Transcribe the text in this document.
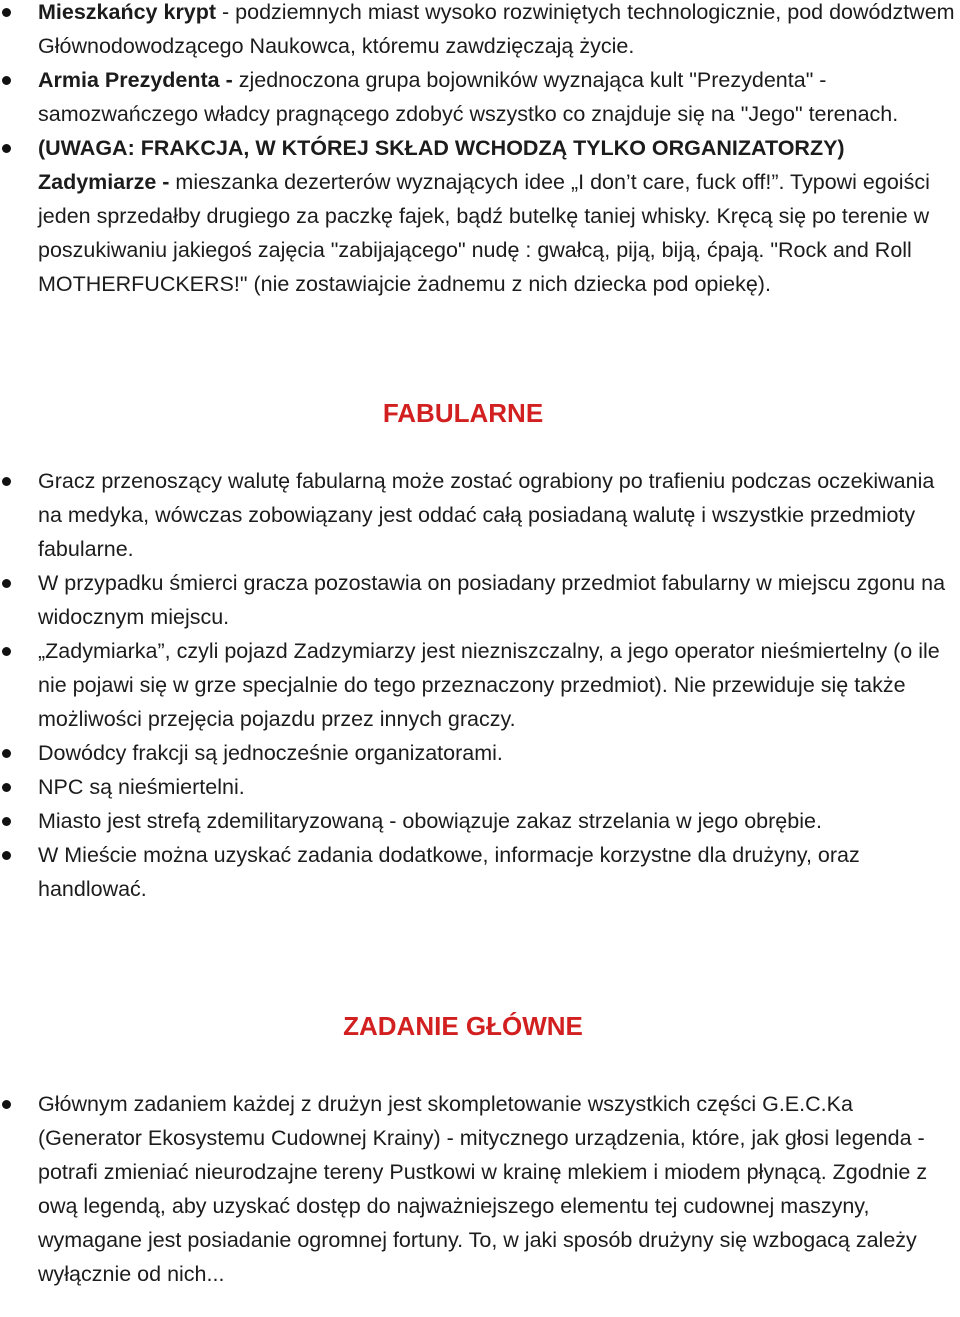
Mieszkańcy krypt - podziemnych miast wysoko rozwiniętych technologicznie, pod dowództwem Głównodowodzącego Naukowca, któremu zawdzięczają życie.
Armia Prezydenta - zjednoczona grupa bojowników wyznająca kult "Prezydenta" - samozwańczego władcy pragnącego zdobyć wszystko co znajduje się na "Jego" terenach.
(UWAGA: FRAKCJA, W KTÓREJ SKŁAD WCHODZĄ TYLKO ORGANIZATORZY)
Zadymiarze - mieszanka dezerterów wyznających idee „I don’t care, fuck off!”. Typowi egoiści jeden sprzedałby drugiego za paczkę fajek, bądź butelkę taniej whisky. Kręcą się po terenie w poszukiwaniu jakiegoś zajęcia "zabijającego" nudę : gwałcą, piją, biją, ćpają. "Rock and Roll MOTHERFUCKERS!" (nie zostawiajcie żadnemu z nich dziecka pod opiekę).
FABULARNE
Gracz przenoszący walutę fabularną może zostać ograbiony po trafieniu podczas oczekiwania na medyka, wówczas zobowiązany jest oddać całą posiadaną walutę i wszystkie przedmioty fabularne.
W przypadku śmierci gracza pozostawia on posiadany przedmiot fabularny w miejscu zgonu na widocznym miejscu.
„Zadymiarka”, czyli pojazd Zadzymiarzy jest niezniszczalny, a jego operator nieśmiertelny (o ile nie pojawi się w grze specjalnie do tego przeznaczony przedmiot). Nie przewiduje się także możliwości przejęcia pojazdu przez innych graczy.
Dowódcy frakcji są jednocześnie organizatorami.
NPC są nieśmiertelni.
Miasto jest strefą zdemilitaryzowaną - obowiązuje zakaz strzelania w jego obrębie.
W Mieście można uzyskać zadania dodatkowe, informacje korzystne dla drużyny, oraz handlować.
ZADANIE GŁÓWNE
Głównym zadaniem każdej z drużyn jest skompletowanie wszystkich części G.E.C.Ka (Generator Ekosystemu Cudownej Krainy) - mitycznego urządzenia, które, jak głosi legenda - potrafi zmieniać nieurodzajne tereny Pustkowi w krainę mlekiem i miodem płynącą. Zgodnie z ową legendą, aby uzyskać dostęp do najważniejszego elementu tej cudownej maszyny, wymagane jest posiadanie ogromnej fortuny. To, w jaki sposób drużyny się wzbogacą zależy wyłącznie od nich...
